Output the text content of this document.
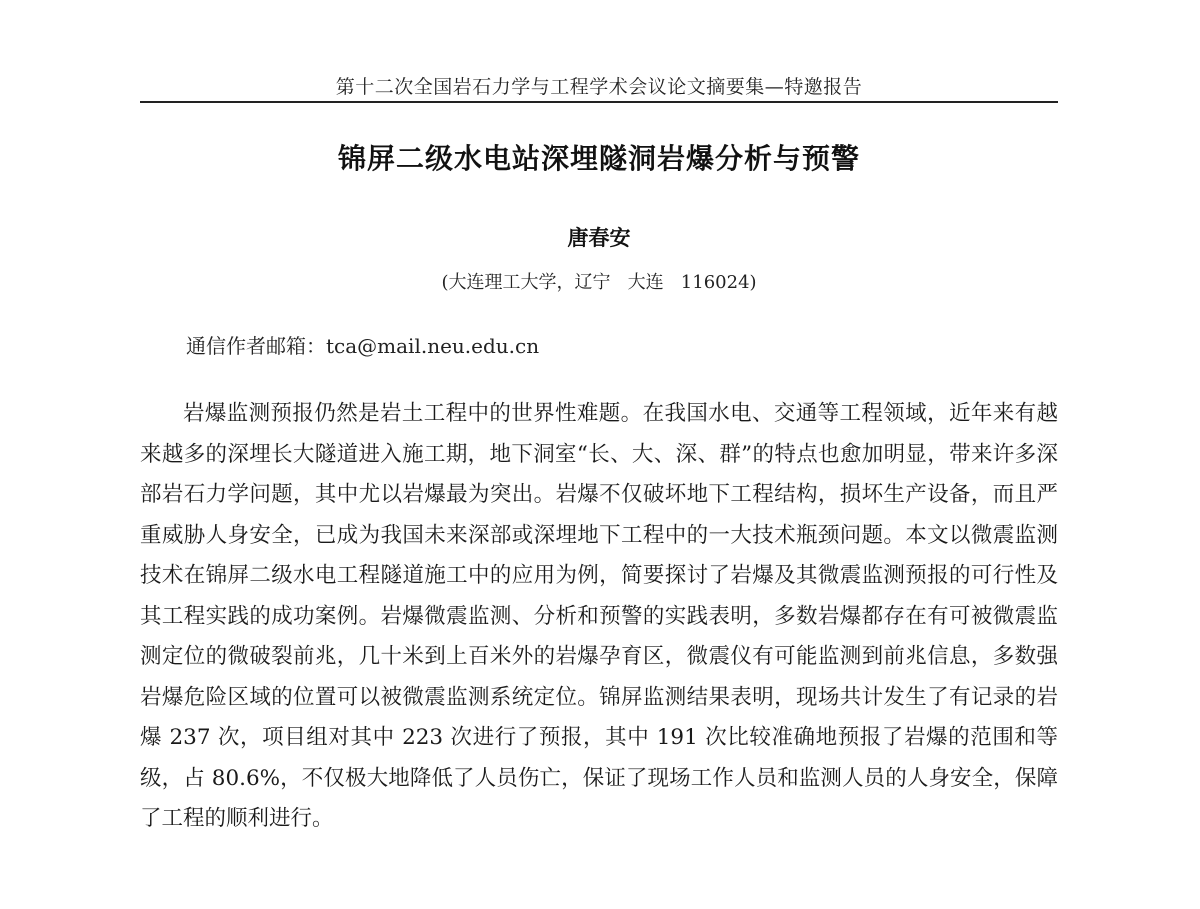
第十二次全国岩石力学与工程学术会议论文摘要集—特邀报告
锦屏二级水电站深埋隧洞岩爆分析与预警
唐春安
(大连理工大学，辽宁   大连   116024)
通信作者邮箱：tca@mail.neu.edu.cn

岩爆监测预报仍然是岩土工程中的世界性难题。在我国水电、交通等工程领域，近年来有越来越多的深埋长大隧道进入施工期，地下洞室“长、大、深、群”的特点也愈加明显，带来许多深部岩石力学问题，其中尤以岩爆最为突出。岩爆不仅破坏地下工程结构，损坏生产设备，而且严重威胁人身安全，已成为我国未来深部或深埋地下工程中的一大技术瓶颈问题。本文以微震监测技术在锦屏二级水电工程隧道施工中的应用为例，简要探讨了岩爆及其微震监测预报的可行性及其工程实践的成功案例。岩爆微震监测、分析和预警的实践表明，多数岩爆都存在有可被微震监测定位的微破裂前兆，几十米到上百米外的岩爆孕育区，微震仪有可能监测到前兆信息，多数强岩爆危险区域的位置可以被微震监测系统定位。锦屏监测结果表明，现场共计发生了有记录的岩爆 237 次，项目组对其中 223 次进行了预报，其中 191 次比较准确地预报了岩爆的范围和等级，占 80.6%，不仅极大地降低了人员伤亡，保证了现场工作人员和监测人员的人身安全，保障了工程的顺利进行。
